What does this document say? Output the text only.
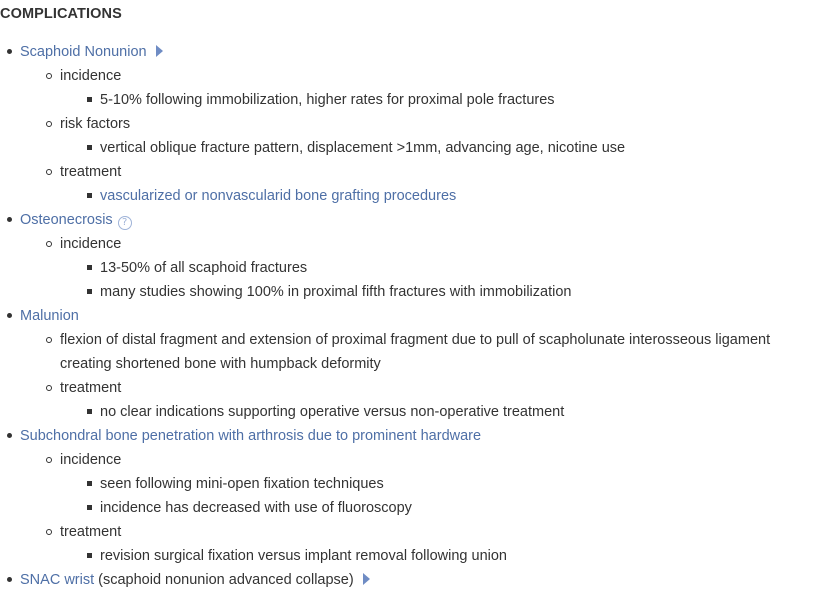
COMPLICATIONS
Scaphoid Nonunion
incidence
5-10% following immobilization, higher rates for proximal pole fractures
risk factors
vertical oblique fracture pattern, displacement >1mm, advancing age, nicotine use
treatment
vascularized or nonvascularid bone grafting procedures
Osteonecrosis ?
incidence
13-50% of all scaphoid fractures
many studies showing 100% in proximal fifth fractures with immobilization
Malunion
flexion of distal fragment and extension of proximal fragment due to pull of scapholunate interosseous ligament
creating shortened bone with humpback deformity
treatment
no clear indications supporting operative versus non-operative treatment
Subchondral bone penetration with arthrosis due to prominent hardware
incidence
seen following mini-open fixation techniques
incidence has decreased with use of fluoroscopy
treatment
revision surgical fixation versus implant removal following union
SNAC wrist (scaphoid nonunion advanced collapse)
